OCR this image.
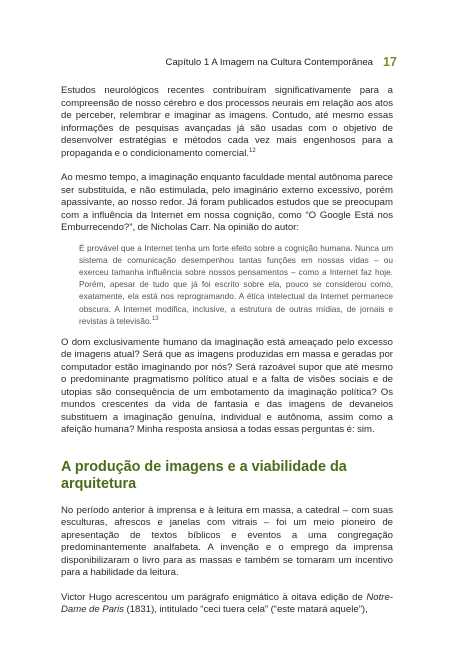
Capítulo 1 A Imagem na Cultura Contemporânea 17

Estudos neurológicos recentes contribuíram significativamente para a compreensão de nosso cérebro e dos processos neurais em relação aos atos de perceber, relembrar e imaginar as imagens. Contudo, até mesmo essas informações de pesquisas avançadas já são usadas com o objetivo de desenvolver estratégias e métodos cada vez mais engenhosos para a propaganda e o condicionamento comercial.$^{12}$

Ao mesmo tempo, a imaginação enquanto faculdade mental autônoma parece ser substituída, e não estimulada, pelo imaginário externo excessivo, porém apassivante, ao nosso redor. Já foram publicados estudos que se preocupam com a influência da Internet em nossa cognição, como “O Google Está nos Emburrecendo?”, de Nicholas Carr. Na opinião do autor:

É provável que a Internet tenha um forte efeito sobre a cognição humana. Nunca um sistema de comunicação desempenhou tantas funções em nossas vidas – ou exerceu tamanha influência sobre nossos pensamentos – como a Internet faz hoje. Porém, apesar de tudo que já foi escrito sobre ela, pouco se considerou como, exatamente, ela está nos reprogramando. A ética intelectual da Internet permanece obscura. A Internet modifica, inclusive, a estrutura de outras mídias, de jornais e revistas à televisão.$^{13}$

O dom exclusivamente humano da imaginação está ameaçado pelo excesso de imagens atual? Será que as imagens produzidas em massa e geradas por computador estão imaginando por nós? Será razoável supor que até mesmo o predominante pragmatismo político atual e a falta de visões sociais e de utopias são consequência de um embotamento da imaginação política? Os mundos crescentes da vida de fantasia e das imagens de devaneios substituem a imaginação genuína, individual e autônoma, assim como a afeição humana? Minha resposta ansiosa a todas essas perguntas é: sim.

A produção de imagens e a viabilidade da arquitetura

No período anterior à imprensa e à leitura em massa, a catedral – com suas esculturas, afrescos e janelas com vitrais – foi um meio pioneiro de apresentação de textos bíblicos e eventos a uma congregação predominantemente analfabeta. A invenção e o emprego da imprensa disponibilizaram o livro para as massas e também se tornaram um incentivo para a habilidade da leitura.

Victor Hugo acrescentou um parágrafo enigmático à oitava edição de Notre-Dame de Paris (1831), intitulado “ceci tuera cela” (“este matará aquele”),
